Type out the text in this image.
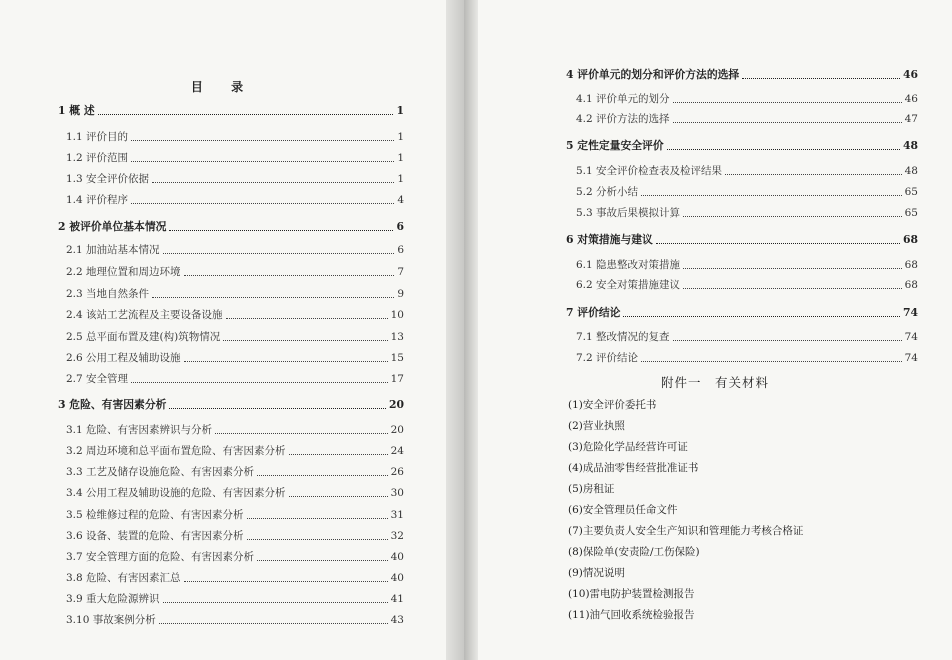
目 录
1 概 述	1
1.1 评价目的	1
1.2 评价范围	1
1.3 安全评价依据	1
1.4 评价程序	4
2 被评价单位基本情况	6
2.1 加油站基本情况	6
2.2 地理位置和周边环境	7
2.3 当地自然条件	9
2.4 该站工艺流程及主要设备设施	10
2.5 总平面布置及建(构)筑物情况	13
2.6 公用工程及辅助设施	15
2.7 安全管理	17
3 危险、有害因素分析	20
3.1 危险、有害因素辨识与分析	20
3.2 周边环境和总平面布置危险、有害因素分析	24
3.3 工艺及储存设施危险、有害因素分析	26
3.4 公用工程及辅助设施的危险、有害因素分析	30
3.5 检维修过程的危险、有害因素分析	31
3.6 设备、装置的危险、有害因素分析	32
3.7 安全管理方面的危险、有害因素分析	40
3.8 危险、有害因素汇总	40
3.9 重大危险源辨识	41
3.10 事故案例分析	43
4 评价单元的划分和评价方法的选择	46
4.1 评价单元的划分	46
4.2 评价方法的选择	47
5 定性定量安全评价	48
5.1 安全评价检查表及检评结果	48
5.2 分析小结	65
5.3 事故后果模拟计算	65
6 对策措施与建议	68
6.1 隐患整改对策措施	68
6.2 安全对策措施建议	68
7 评价结论	74
7.1 整改情况的复查	74
7.2 评价结论	74
附件一　有关材料
(1)安全评价委托书
(2)营业执照
(3)危险化学品经营许可证
(4)成品油零售经营批准证书
(5)房租证
(6)安全管理员任命文件
(7)主要负责人安全生产知识和管理能力考核合格证
(8)保险单(安责险/工伤保险)
(9)情况说明
(10)雷电防护装置检测报告
(11)油气回收系统检验报告
